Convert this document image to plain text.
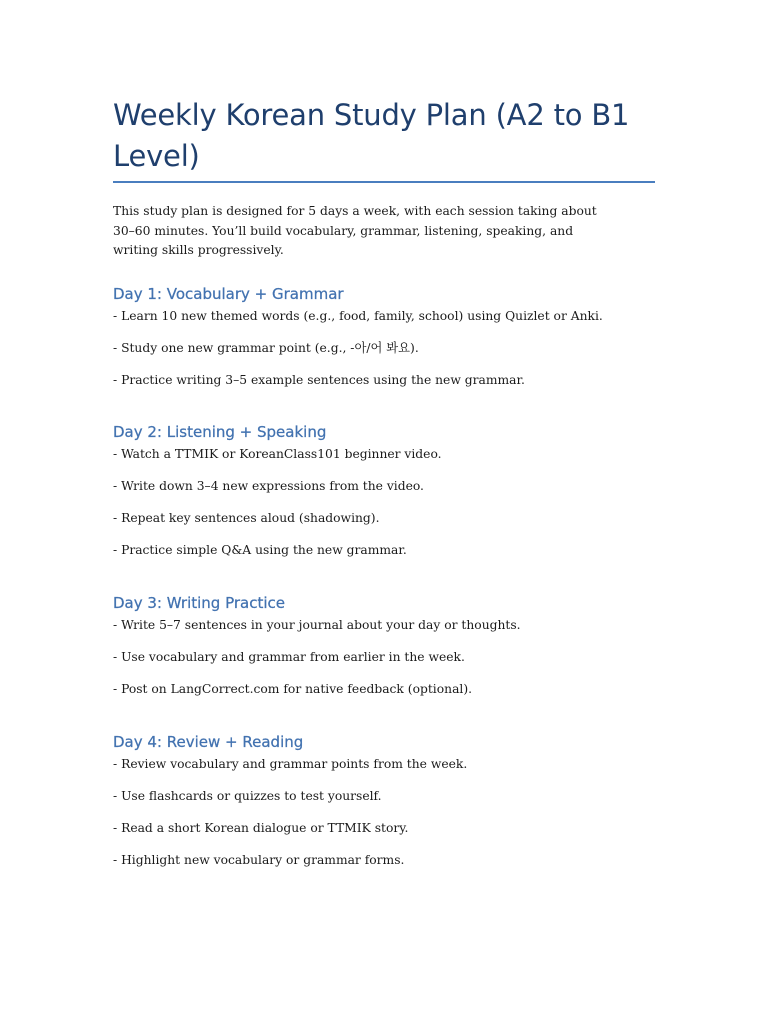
Weekly Korean Study Plan (A2 to B1 Level)

This study plan is designed for 5 days a week, with each session taking about 30–60 minutes. You’ll build vocabulary, grammar, listening, speaking, and writing skills progressively.

Day 1: Vocabulary + Grammar
- Learn 10 new themed words (e.g., food, family, school) using Quizlet or Anki.
- Study one new grammar point (e.g., -아/어 봐요).
- Practice writing 3–5 example sentences using the new grammar.
Day 2: Listening + Speaking
- Watch a TTMIK or KoreanClass101 beginner video.
- Write down 3–4 new expressions from the video.
- Repeat key sentences aloud (shadowing).
- Practice simple Q&A using the new grammar.
Day 3: Writing Practice
- Write 5–7 sentences in your journal about your day or thoughts.
- Use vocabulary and grammar from earlier in the week.
- Post on LangCorrect.com for native feedback (optional).
Day 4: Review + Reading
- Review vocabulary and grammar points from the week.
- Use flashcards or quizzes to test yourself.
- Read a short Korean dialogue or TTMIK story.
- Highlight new vocabulary or grammar forms.
